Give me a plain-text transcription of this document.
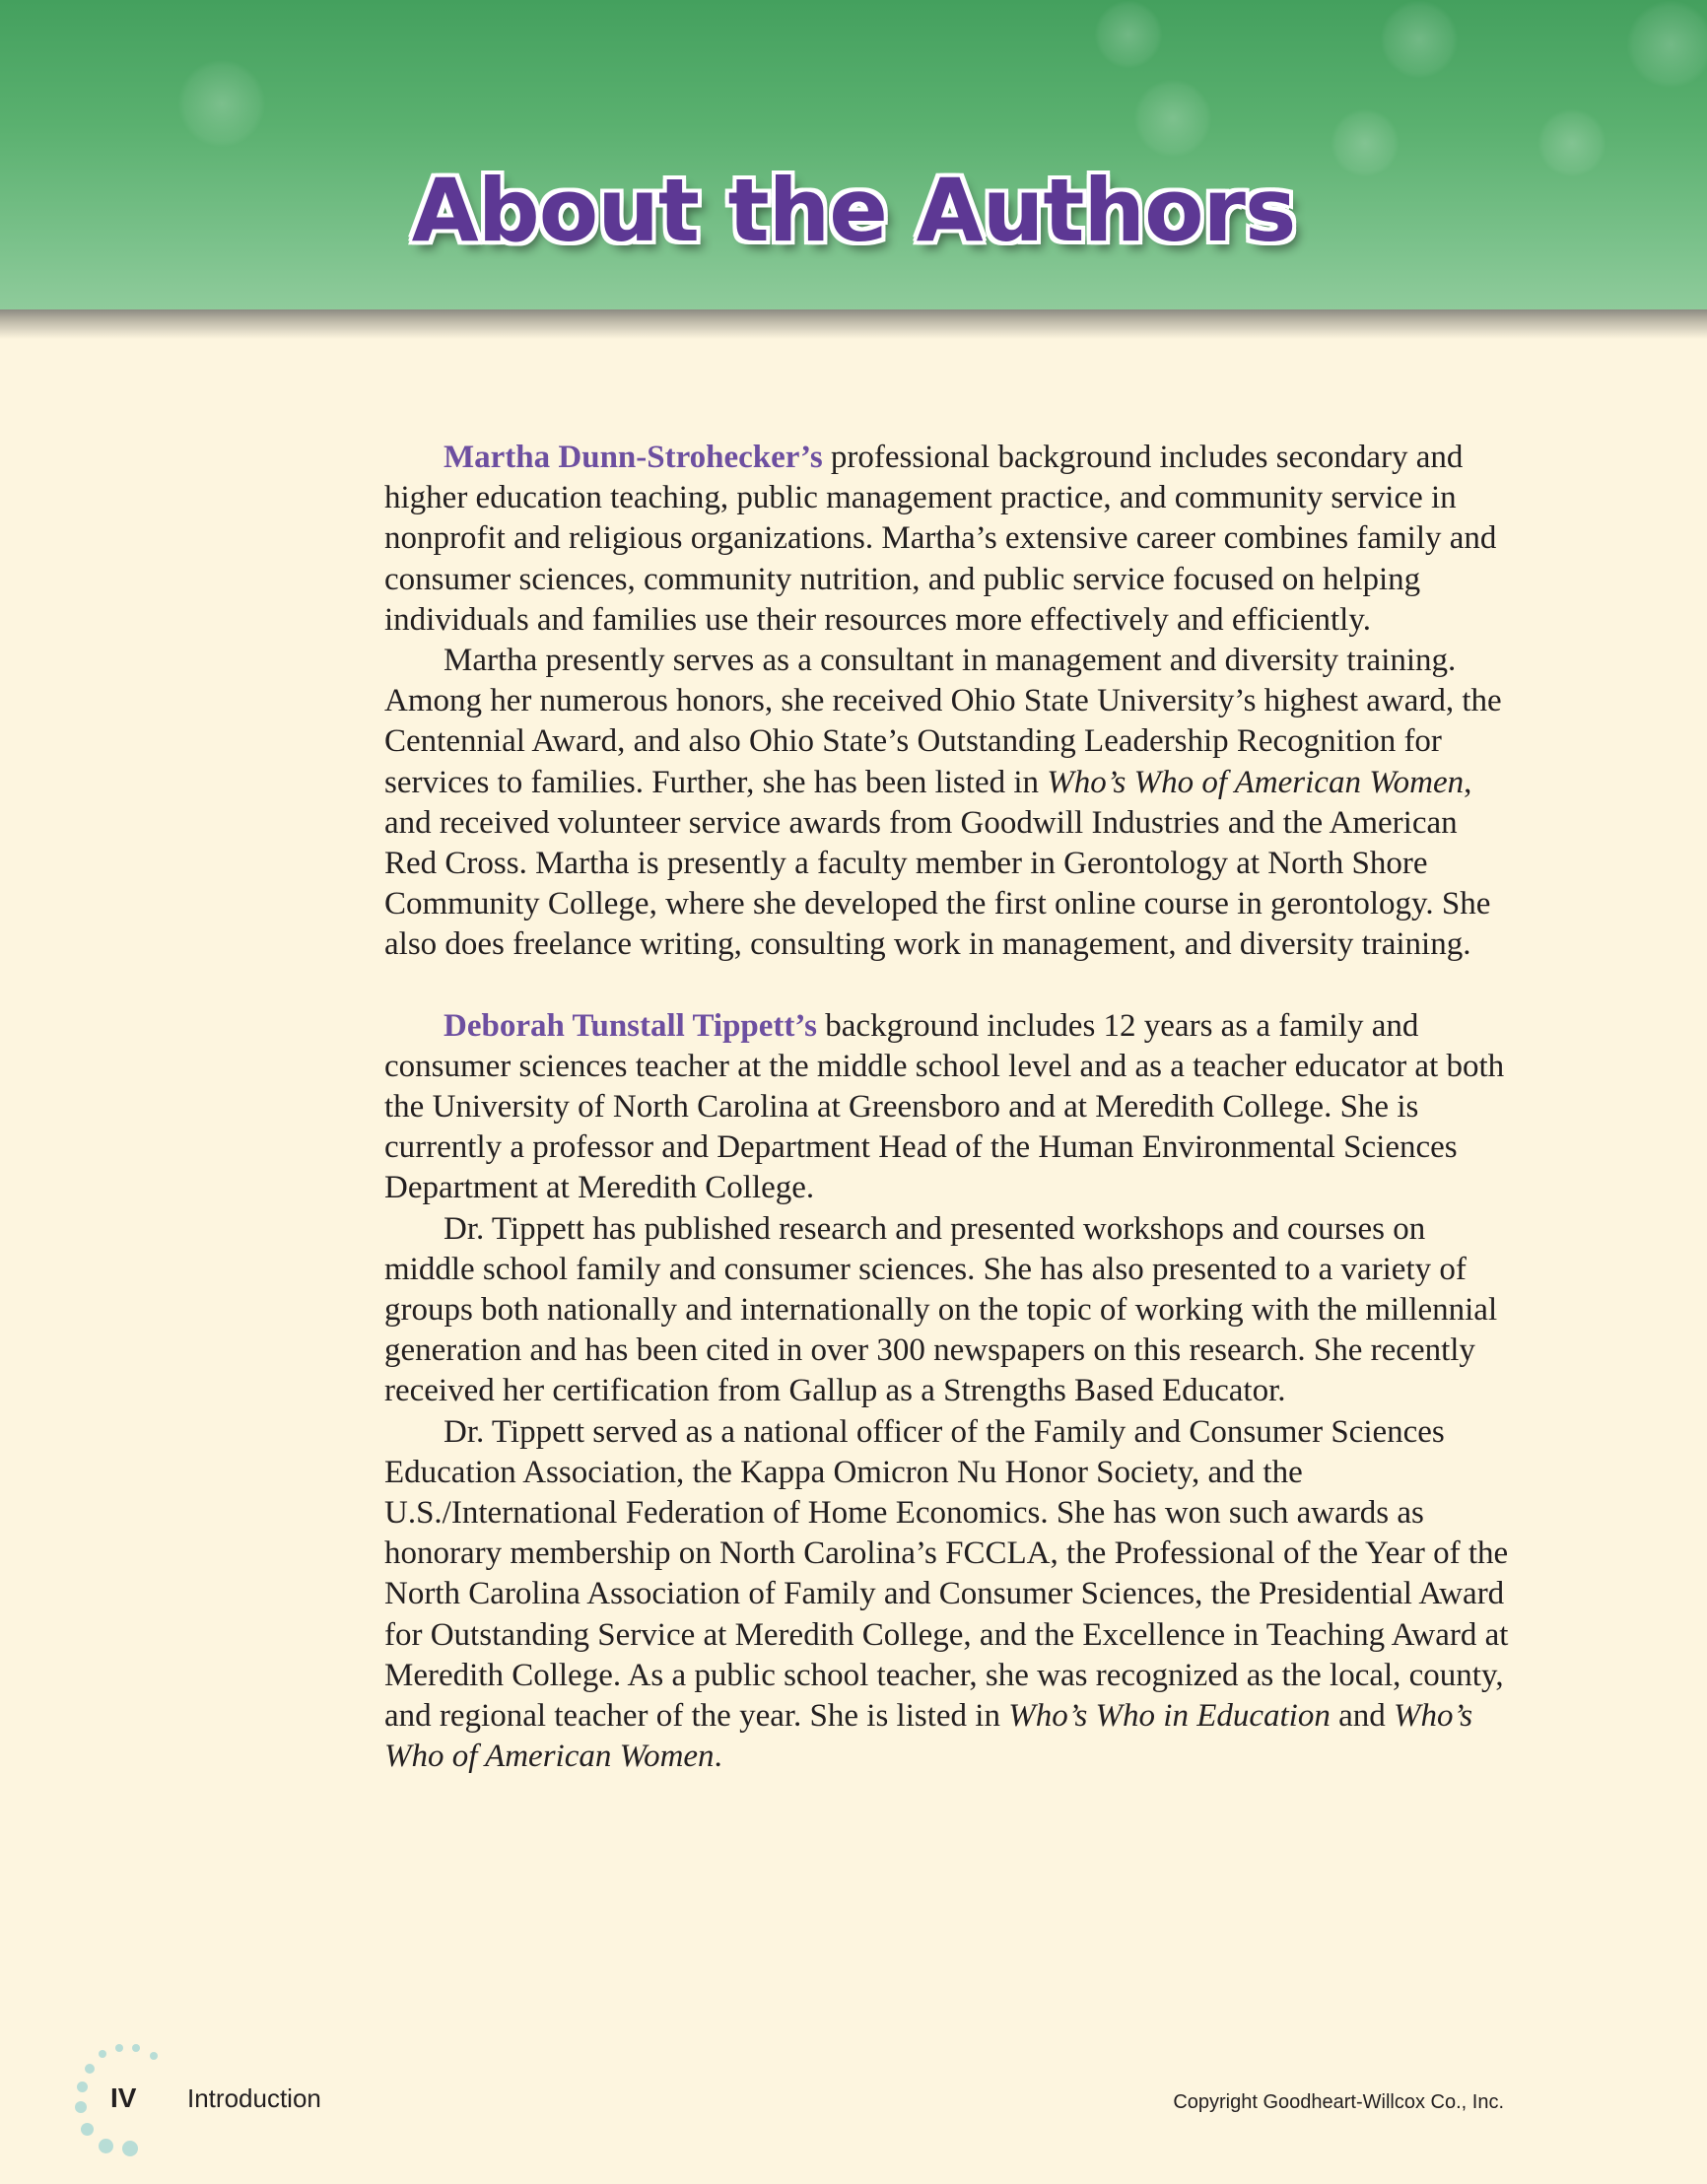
About the Authors

Martha Dunn-Strohecker’s professional background includes secondary and higher education teaching, public management practice, and community service in nonprofit and religious organizations. Martha’s extensive career combines family and consumer sciences, community nutrition, and public service focused on helping individuals and families use their resources more effectively and efficiently.

Martha presently serves as a consultant in management and diversity training. Among her numerous honors, she received Ohio State University’s highest award, the Centennial Award, and also Ohio State’s Outstanding Leadership Recognition for services to families. Further, she has been listed in Who’s Who of American Women, and received volunteer service awards from Goodwill Industries and the American Red Cross. Martha is presently a faculty member in Gerontology at North Shore Community College, where she developed the first online course in gerontology. She also does freelance writing, consulting work in management, and diversity training.

Deborah Tunstall Tippett’s background includes 12 years as a family and consumer sciences teacher at the middle school level and as a teacher educator at both the University of North Carolina at Greensboro and at Meredith College. She is currently a professor and Department Head of the Human Environmental Sciences Department at Meredith College.

Dr. Tippett has published research and presented workshops and courses on middle school family and consumer sciences. She has also presented to a variety of groups both nationally and internationally on the topic of working with the millennial generation and has been cited in over 300 newspapers on this research. She recently received her certification from Gallup as a Strengths Based Educator.

Dr. Tippett served as a national officer of the Family and Consumer Sciences Education Association, the Kappa Omicron Nu Honor Society, and the U.S./International Federation of Home Economics. She has won such awards as honorary membership on North Carolina’s FCCLA, the Professional of the Year of the North Carolina Association of Family and Consumer Sciences, the Presidential Award for Outstanding Service at Meredith College, and the Excellence in Teaching Award at Meredith College. As a public school teacher, she was recognized as the local, county, and regional teacher of the year. She is listed in Who’s Who in Education and Who’s Who of American Women.

IV Introduction	Copyright Goodheart-Willcox Co., Inc.
